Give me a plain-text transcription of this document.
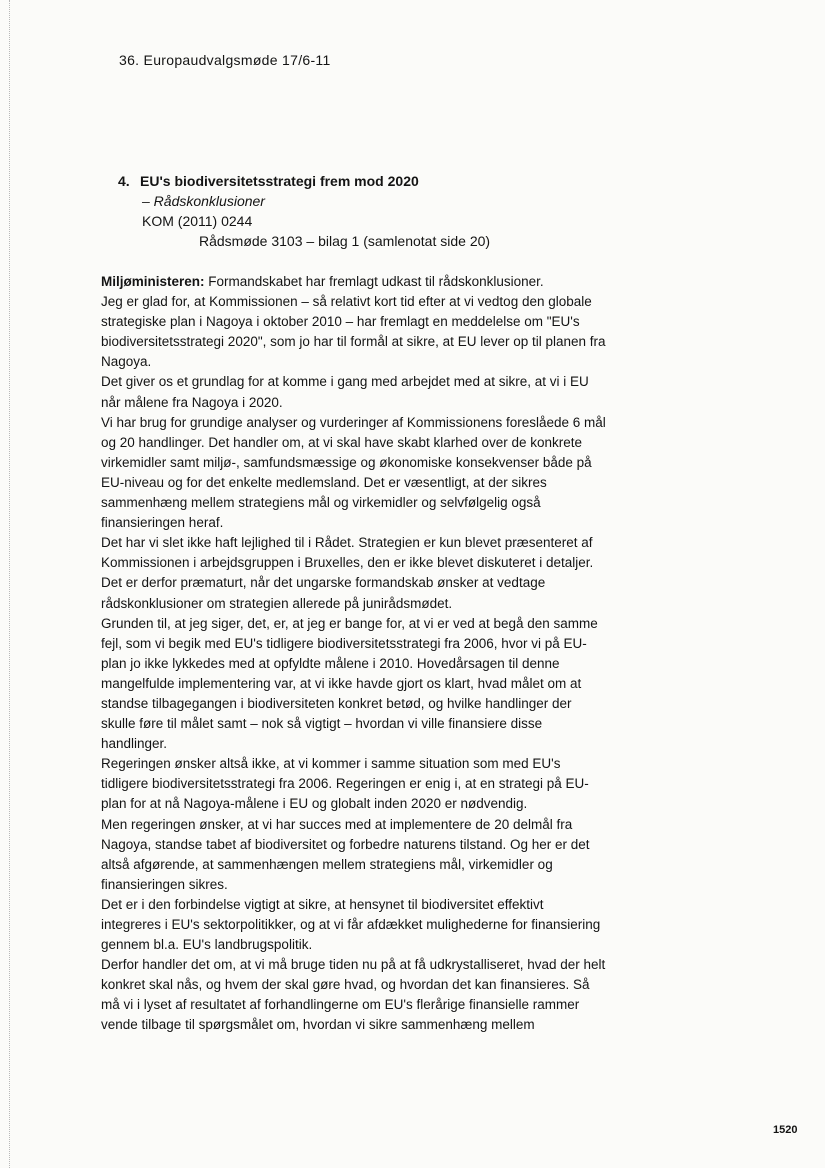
36. Europaudvalgsmøde 17/6-11
4. EU's biodiversitetsstrategi frem mod 2020
– Rådskonklusioner
KOM (2011) 0244
Rådsmøde 3103 – bilag 1 (samlenotat side 20)

Miljøministeren: Formandskabet har fremlagt udkast til rådskonklusioner.

Jeg er glad for, at Kommissionen – så relativt kort tid efter at vi vedtog den globale strategiske plan i Nagoya i oktober 2010 – har fremlagt en meddelelse om "EU's biodiversitetsstrategi 2020", som jo har til formål at sikre, at EU lever op til planen fra Nagoya.

Det giver os et grundlag for at komme i gang med arbejdet med at sikre, at vi i EU når målene fra Nagoya i 2020.

Vi har brug for grundige analyser og vurderinger af Kommissionens foreslåede 6 mål og 20 handlinger. Det handler om, at vi skal have skabt klarhed over de konkrete virkemidler samt miljø-, samfundsmæssige og økonomiske konsekvenser både på EU-niveau og for det enkelte medlemsland. Det er væsentligt, at der sikres sammenhæng mellem strategiens mål og virkemidler og selvfølgelig også finansieringen heraf.

Det har vi slet ikke haft lejlighed til i Rådet. Strategien er kun blevet præsenteret af Kommissionen i arbejdsgruppen i Bruxelles, den er ikke blevet diskuteret i detaljer. Det er derfor præmaturt, når det ungarske formandskab ønsker at vedtage rådskonklusioner om strategien allerede på junirådsmødet.

Grunden til, at jeg siger, det, er, at jeg er bange for, at vi er ved at begå den samme fejl, som vi begik med EU's tidligere biodiversitetsstrategi fra 2006, hvor vi på EU-plan jo ikke lykkedes med at opfyldte målene i 2010. Hovedårsagen til denne mangelfulde implementering var, at vi ikke havde gjort os klart, hvad målet om at standse tilbagegangen i biodiversiteten konkret betød, og hvilke handlinger der skulle føre til målet samt – nok så vigtigt – hvordan vi ville finansiere disse handlinger.

Regeringen ønsker altså ikke, at vi kommer i samme situation som med EU's tidligere biodiversitetsstrategi fra 2006. Regeringen er enig i, at en strategi på EU-plan for at nå Nagoya-målene i EU og globalt inden 2020 er nødvendig.

Men regeringen ønsker, at vi har succes med at implementere de 20 delmål fra Nagoya, standse tabet af biodiversitet og forbedre naturens tilstand. Og her er det altså afgørende, at sammenhængen mellem strategiens mål, virkemidler og finansieringen sikres.

Det er i den forbindelse vigtigt at sikre, at hensynet til biodiversitet effektivt integreres i EU's sektorpolitikker, og at vi får afdækket mulighederne for finansiering gennem bl.a. EU's landbrugspolitik.

Derfor handler det om, at vi må bruge tiden nu på at få udkrystalliseret, hvad der helt konkret skal nås, og hvem der skal gøre hvad, og hvordan det kan finansieres. Så må vi i lyset af resultatet af forhandlingerne om EU's flerårige finansielle rammer vende tilbage til spørgsmålet om, hvordan vi sikre sammenhæng mellem

1520
